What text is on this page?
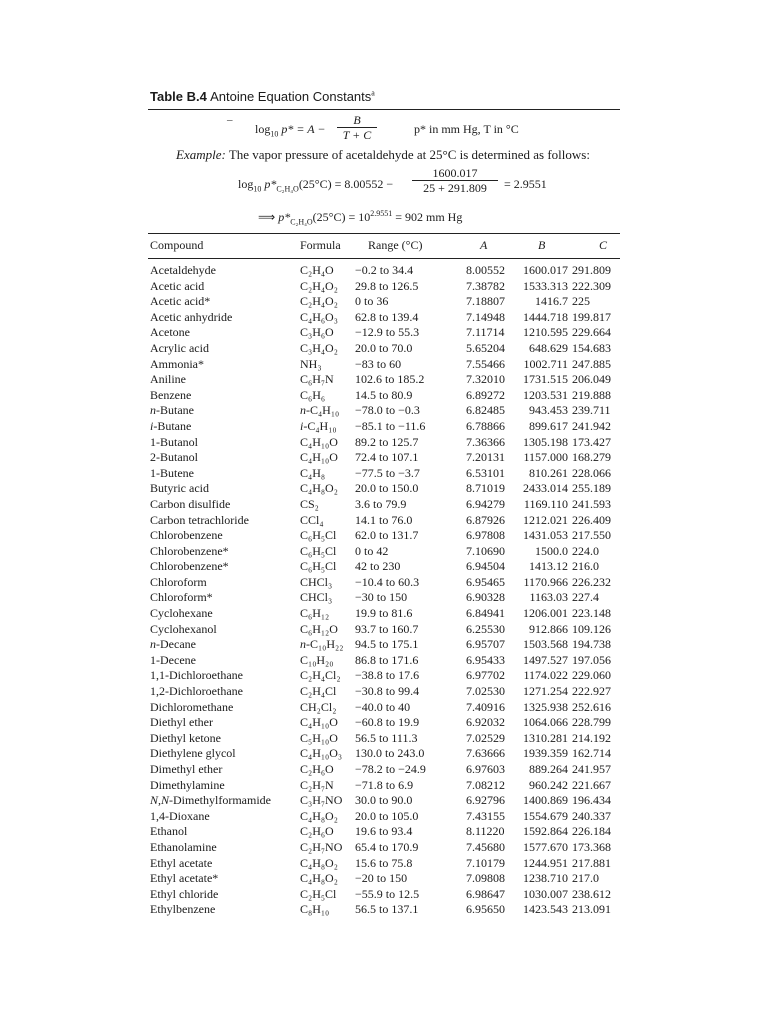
Table B.4 Antoine Equation Constants$^a$
–
$\log_{10} p* = A - \frac{B}{T + C}$	p* in mm Hg, T in °C
Example: The vapor pressure of acetaldehyde at 25°C is determined as follows:
$\log_{10} p*_{C_2H_4O}(25^\circ C) = 8.00552 - \frac{1600.017}{25 + 291.809} = 2.9551$
⟹ $p*_{C_2H_4O}(25^\circ C) = 10^{2.9551} = 902$ mm Hg
Compound	Formula Range (°C)	A	B	C
Acetaldehyde	C₂H₄O −0.2 to 34.4	8.00552	1600.017 291.809
Acetic acid	C₂H₄O₂ 29.8 to 126.5	7.38782	1533.313 222.309
Acetic acid*	C₂H₄O₂ 0 to 36	7.18807	1416.7 225
Acetic anhydride	C₄H₆O₃ 62.8 to 139.4	7.14948	1444.718 199.817
Acetone	C₃H₆O −12.9 to 55.3	7.11714	1210.595 229.664
Acrylic acid	C₃H₄O₂ 20.0 to 70.0	5.65204	648.629 154.683
Ammonia*	NH₃	−83 to 60	7.55466	1002.711 247.885
Aniline	C₆H₇N 102.6 to 185.2	7.32010	1731.515 206.049
Benzene	C₆H₆ 14.5 to 80.9	6.89272	1203.531 219.888
n-Butane	n-C₄H₁₀ −78.0 to −0.3	6.82485	943.453 239.711
i-Butane	i-C₄H₁₀ −85.1 to −11.6	6.78866	899.617 241.942
1-Butanol	C₄H₁₀O 89.2 to 125.7	7.36366	1305.198 173.427
2-Butanol	C₄H₁₀O 72.4 to 107.1	7.20131	1157.000 168.279
1-Butene	C₄H₈ −77.5 to −3.7	6.53101	810.261 228.066
Butyric acid	C₄H₈O₂ 20.0 to 150.0	8.71019	2433.014 255.189
Carbon disulfide	CS₂	3.6 to 79.9	6.94279	1169.110 241.593
Carbon tetrachloride	CCl₄	14.1 to 76.0	6.87926	1212.021 226.409
Chlorobenzene	C₆H₅Cl 62.0 to 131.7	6.97808	1431.053 217.550
Chlorobenzene*	C₆H₅Cl 0 to 42	7.10690	1500.0 224.0
Chlorobenzene*	C₆H₅Cl 42 to 230	6.94504	1413.12 216.0
Chloroform	CHCl₃ −10.4 to 60.3	6.95465	1170.966 226.232
Chloroform*	CHCl₃ −30 to 150	6.90328	1163.03 227.4
Cyclohexane	C₆H₁₂ 19.9 to 81.6	6.84941	1206.001 223.148
Cyclohexanol	C₆H₁₂O 93.7 to 160.7	6.25530	912.866 109.126
n-Decane	n-C₁₀H₂₂ 94.5 to 175.1	6.95707	1503.568 194.738
1-Decene	C₁₀H₂₀ 86.8 to 171.6	6.95433	1497.527 197.056
1,1-Dichloroethane	C₂H₄Cl₂ −38.8 to 17.6	6.97702	1174.022 229.060
1,2-Dichloroethane	C₂H₄Cl −30.8 to 99.4	7.02530	1271.254 222.927
Dichloromethane	CH₂Cl₂ −40.0 to 40	7.40916	1325.938 252.616
Diethyl ether	C₄H₁₀O −60.8 to 19.9	6.92032	1064.066 228.799
Diethyl ketone	C₅H₁₀O 56.5 to 111.3	7.02529	1310.281 214.192
Diethylene glycol	C₄H₁₀O₃ 130.0 to 243.0	7.63666	1939.359 162.714
Dimethyl ether	C₂H₆O −78.2 to −24.9	6.97603	889.264 241.957
Dimethylamine	C₂H₇N −71.8 to 6.9	7.08212	960.242 221.667
N,N-Dimethylformamide C₃H₇NO 30.0 to 90.0	6.92796	1400.869 196.434
1,4-Dioxane	C₄H₈O₂ 20.0 to 105.0	7.43155	1554.679 240.337
Ethanol	C₂H₆O 19.6 to 93.4	8.11220	1592.864 226.184
Ethanolamine	C₂H₇NO 65.4 to 170.9	7.45680	1577.670 173.368
Ethyl acetate	C₄H₈O₂ 15.6 to 75.8	7.10179	1244.951 217.881
Ethyl acetate*	C₄H₈O₂ −20 to 150	7.09808	1238.710 217.0
Ethyl chloride	C₂H₅Cl −55.9 to 12.5	6.98647	1030.007 238.612
Ethylbenzene	C₈H₁₀ 56.5 to 137.1	6.95650	1423.543 213.091
